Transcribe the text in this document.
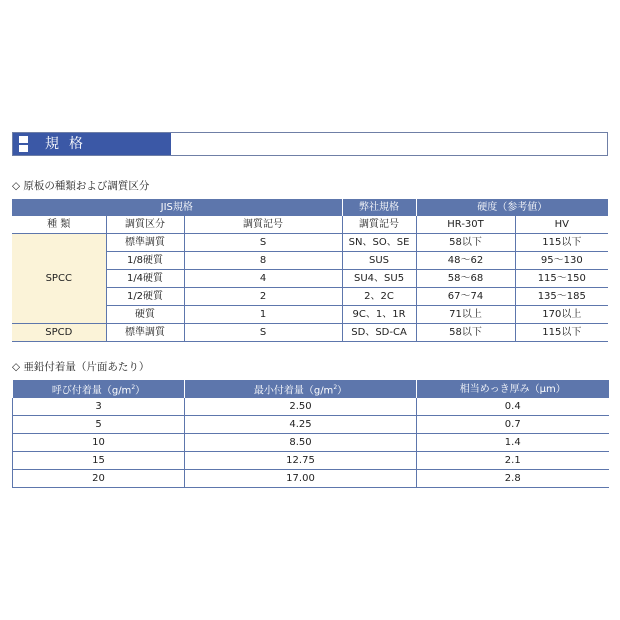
規格
◇ 原板の種類および調質区分
JIS規格			弊社規格	硬度（参考値）	
種 類	調質区分	調質記号	調質記号	HR-30T	HV
SPCC	標準調質	S	SN、SO、SE	58以下	115以下
	1/8硬質	8	SUS	48～62	95～130
	1/4硬質	4	SU4、SU5	58～68	115～150
	1/2硬質	2	2、2C	67～74	135～185
	硬質	1	9C、1、1R	71以上	170以上
SPCD	標準調質	S	SD、SD-CA	58以下	115以下
◇ 亜鉛付着量（片面あたり）
呼び付着量$(g/m^2)$	最小付着量$(g/m^2)$	相当めっき厚み（μm）
3	2.50	0.4
5	4.25	0.7
10	8.50	1.4
15	12.75	2.1
20	17.00	2.8
